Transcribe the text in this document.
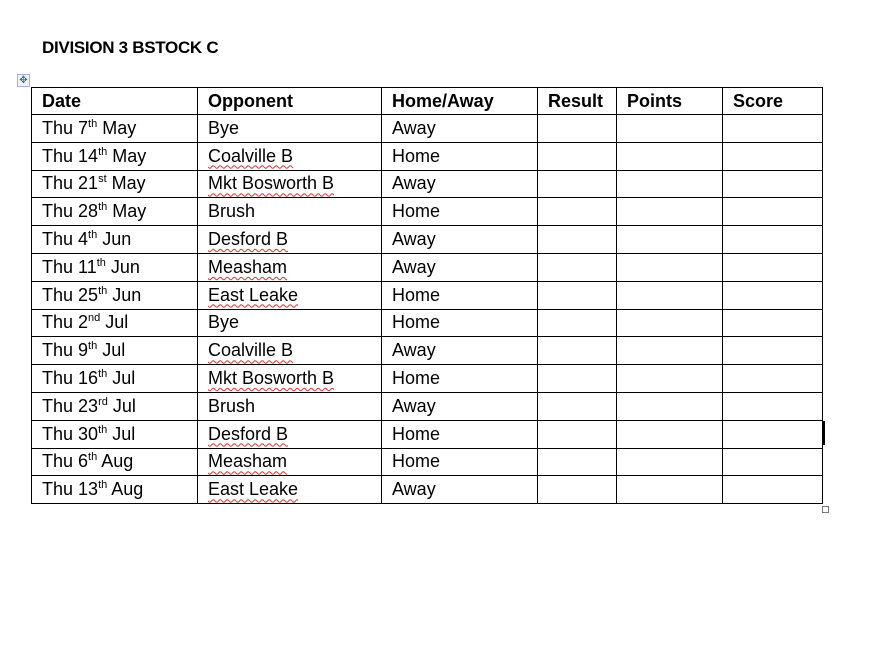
DIVISION 3 BSTOCK C
✥
Date	Opponent	Home/Away	Result	Points	Score
Thu 7th May	Bye	Away			
Thu 14th May	Coalville B	Home			
Thu 21st May	Mkt Bosworth B	Away			
Thu 28th May	Brush	Home			
Thu 4th Jun	Desford B	Away			
Thu 11th Jun	Measham	Away			
Thu 25th Jun	East Leake	Home			
Thu 2nd Jul	Bye	Home			
Thu 9th Jul	Coalville B	Away			
Thu 16th Jul	Mkt Bosworth B	Home			
Thu 23rd Jul	Brush	Away			
Thu 30th Jul	Desford B	Home			
Thu 6th Aug	Measham	Home			
Thu 13th Aug	East Leake	Away			
